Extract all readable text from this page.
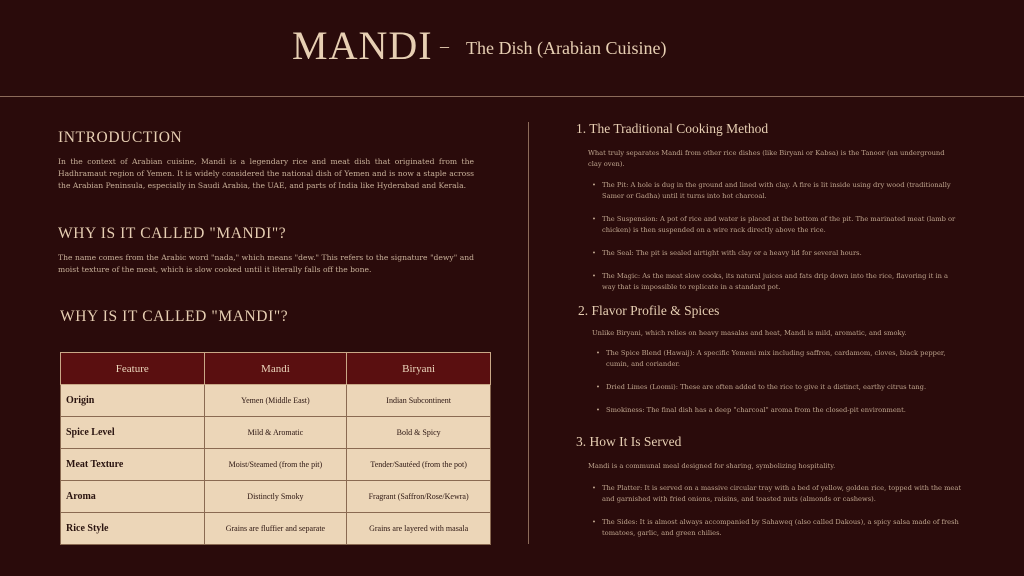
MANDI – The Dish (Arabian Cuisine)
INTRODUCTION
In the context of Arabian cuisine, Mandi is a legendary rice and meat dish that originated from the Hadhramaut region of Yemen. It is widely considered the national dish of Yemen and is now a staple across the Arabian Peninsula, especially in Saudi Arabia, the UAE, and parts of India like Hyderabad and Kerala.
WHY IS IT CALLED "MANDI"?
The name comes from the Arabic word "nada," which means "dew." This refers to the signature "dewy" and moist texture of the meat, which is slow cooked until it literally falls off the bone.
WHY IS IT CALLED "MANDI"?
Feature	Mandi	Biryani
Origin	Yemen (Middle East)	Indian Subcontinent
Spice Level	Mild & Aromatic	Bold & Spicy
Meat Texture	Moist/Steamed (from the pit)	Tender/Sautéed (from the pot)
Aroma	Distinctly Smoky	Fragrant (Saffron/Rose/Kewra)
Rice Style	Grains are fluffier and separate	Grains are layered with masala
1. The Traditional Cooking Method
What truly separates Mandi from other rice dishes (like Biryani or Kabsa) is the Tanoor (an underground clay oven).
• The Pit: A hole is dug in the ground and lined with clay. A fire is lit inside using dry wood (traditionally Samer or Gadha) until it turns into hot charcoal.
• The Suspension: A pot of rice and water is placed at the bottom of the pit. The marinated meat (lamb or chicken) is then suspended on a wire rack directly above the rice.
• The Seal: The pit is sealed airtight with clay or a heavy lid for several hours.
• The Magic: As the meat slow cooks, its natural juices and fats drip down into the rice, flavoring it in a way that is impossible to replicate in a standard pot.
2. Flavor Profile & Spices
Unlike Biryani, which relies on heavy masalas and heat, Mandi is mild, aromatic, and smoky.
• The Spice Blend (Hawaij): A specific Yemeni mix including saffron, cardamom, cloves, black pepper, cumin, and coriander.
• Dried Limes (Loomi): These are often added to the rice to give it a distinct, earthy citrus tang.
• Smokiness: The final dish has a deep "charcoal" aroma from the closed-pit environment.
3. How It Is Served
Mandi is a communal meal designed for sharing, symbolizing hospitality.
• The Platter: It is served on a massive circular tray with a bed of yellow, golden rice, topped with the meat and garnished with fried onions, raisins, and toasted nuts (almonds or cashews).
• The Sides: It is almost always accompanied by Sahaweq (also called Dakous), a spicy salsa made of fresh tomatoes, garlic, and green chilies.
